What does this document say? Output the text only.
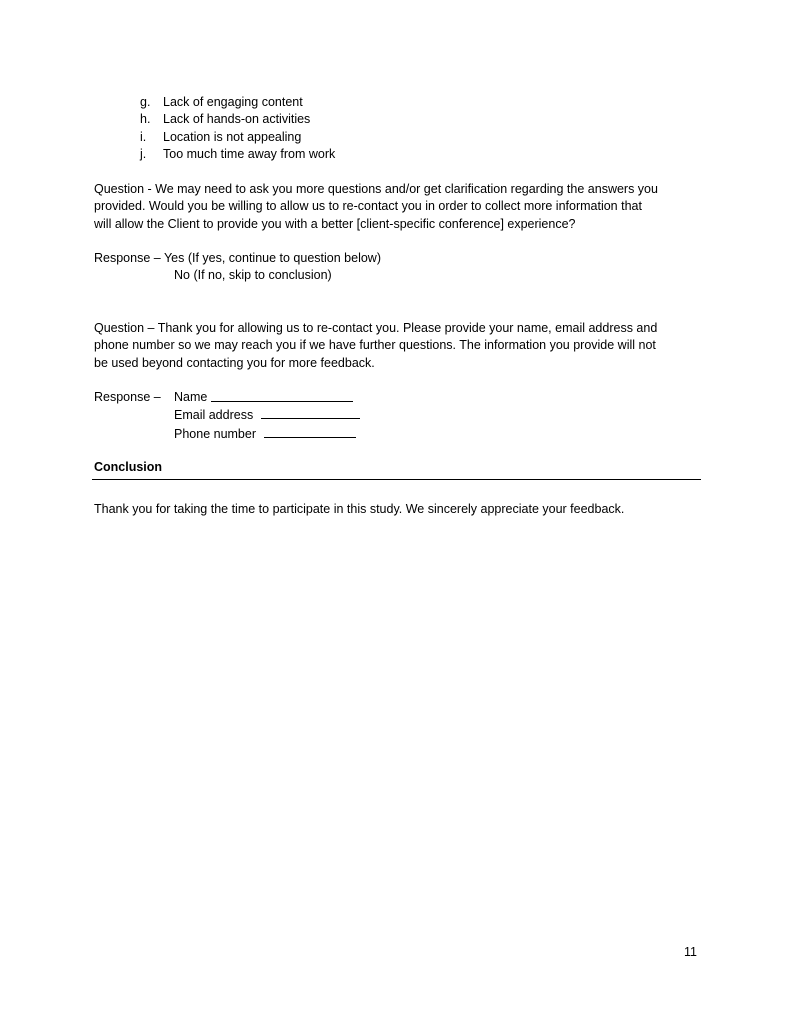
g.	Lack of engaging content
h.	Lack of hands-on activities
i.	Location is not appealing
j.	Too much time away from work
Question - We may need to ask you more questions and/or get clarification regarding the answers you
provided. Would you be willing to allow us to re-contact you in order to collect more information that
will allow the Client to provide you with a better [client-specific conference] experience?
Response – Yes (If yes, continue to question below)
No (If no, skip to conclusion)
Question – Thank you for allowing us to re-contact you. Please provide your name, email address and
phone number so we may reach you if we have further questions. The information you provide will not
be used beyond contacting you for more feedback.
Response –	Name
Email address
Phone number
Conclusion
Thank you for taking the time to participate in this study. We sincerely appreciate your feedback.
11
